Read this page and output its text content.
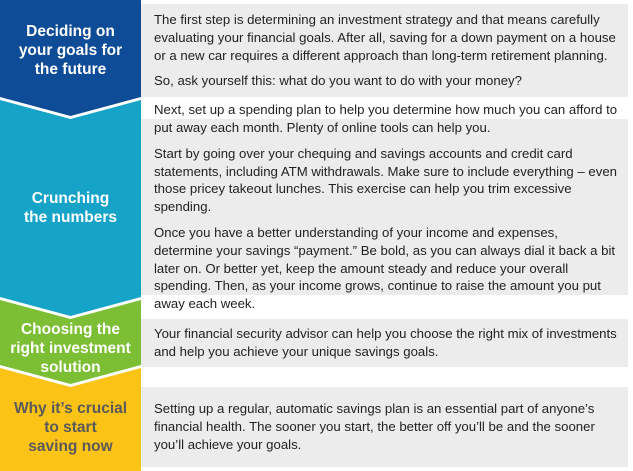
Deciding on
your goals for
the future
Crunching
the numbers
Choosing the
right investment
solution
Why it’s crucial
to start
saving now

The first step is determining an investment strategy and that means carefully evaluating your financial goals. After all, saving for a down payment on a house or a new car requires a different approach than long-term retirement planning.

So, ask yourself this: what do you want to do with your money?

Next, set up a spending plan to help you determine how much you can afford to put away each month. Plenty of online tools can help you.

Start by going over your chequing and savings accounts and credit card statements, including ATM withdrawals. Make sure to include everything – even those pricey takeout lunches. This exercise can help you trim excessive spending.

Once you have a better understanding of your income and expenses, determine your savings “payment.” Be bold, as you can always dial it back a bit later on. Or better yet, keep the amount steady and reduce your overall spending. Then, as your income grows, continue to raise the amount you put away each week.

Your financial security advisor can help you choose the right mix of investments and help you achieve your unique savings goals.

Setting up a regular, automatic savings plan is an essential part of anyone’s financial health. The sooner you start, the better off you’ll be and the sooner you’ll achieve your goals.
